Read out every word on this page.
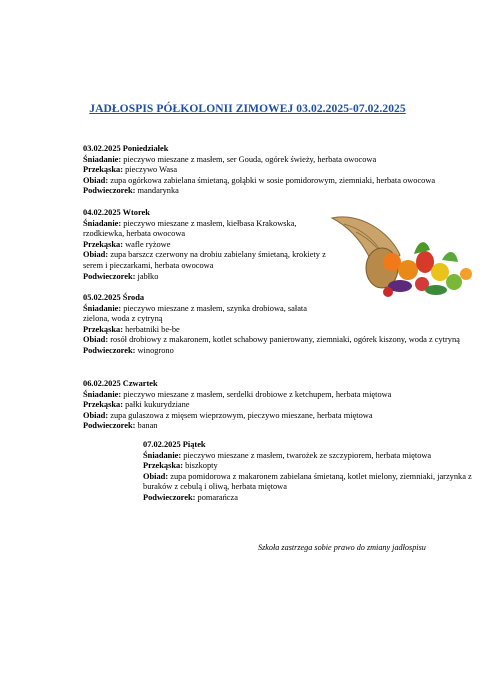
JADŁOSPIS PÓŁKOLONII ZIMOWEJ 03.02.2025-07.02.2025
03.02.2025 Poniedziałek
Śniadanie: pieczywo mieszane z masłem, ser Gouda, ogórek świeży, herbata owocowa
Przekąska: pieczywo Wasa
Obiad: zupa ogórkowa zabielana śmietaną, gołąbki w sosie pomidorowym, ziemniaki, herbata owocowa
Podwieczorek: mandarynka
04.02.2025 Wtorek
Śniadanie: pieczywo mieszane z masłem, kiełbasa Krakowska, rzodkiewka, herbata owocowa
Przekąska: wafle ryżowe
Obiad: zupa barszcz czerwony na drobiu zabielany śmietaną, krokiety z serem i pieczarkami, herbata owocowa
Podwieczorek: jabłko
05.02.2025 Środa
Śniadanie: pieczywo mieszane z masłem, szynka drobiowa, sałata zielona, woda z cytryną
Przekąska: herbatniki be-be
Obiad: rosół drobiowy z makaronem, kotlet schabowy panierowany, ziemniaki, ogórek kiszony, woda z cytryną
Podwieczorek: winogrono
06.02.2025 Czwartek
Śniadanie: pieczywo mieszane z masłem, serdelki drobiowe z ketchupem, herbata miętowa
Przekąska: pałki kukurydziane
Obiad: zupa gulaszowa z mięsem wieprzowym, pieczywo mieszane, herbata miętowa
Podwieczorek: banan
07.02.2025 Piątek
Śniadanie: pieczywo mieszane z masłem, twarożek ze szczypiorem, herbata miętowa
Przekąska: biszkopty
Obiad: zupa pomidorowa z makaronem zabielana śmietaną, kotlet mielony, ziemniaki, jarzynka z buraków z cebulą i oliwą, herbata miętowa
Podwieczorek: pomarańcza
Szkoła zastrzega sobie prawo do zmiany jadłospisu
